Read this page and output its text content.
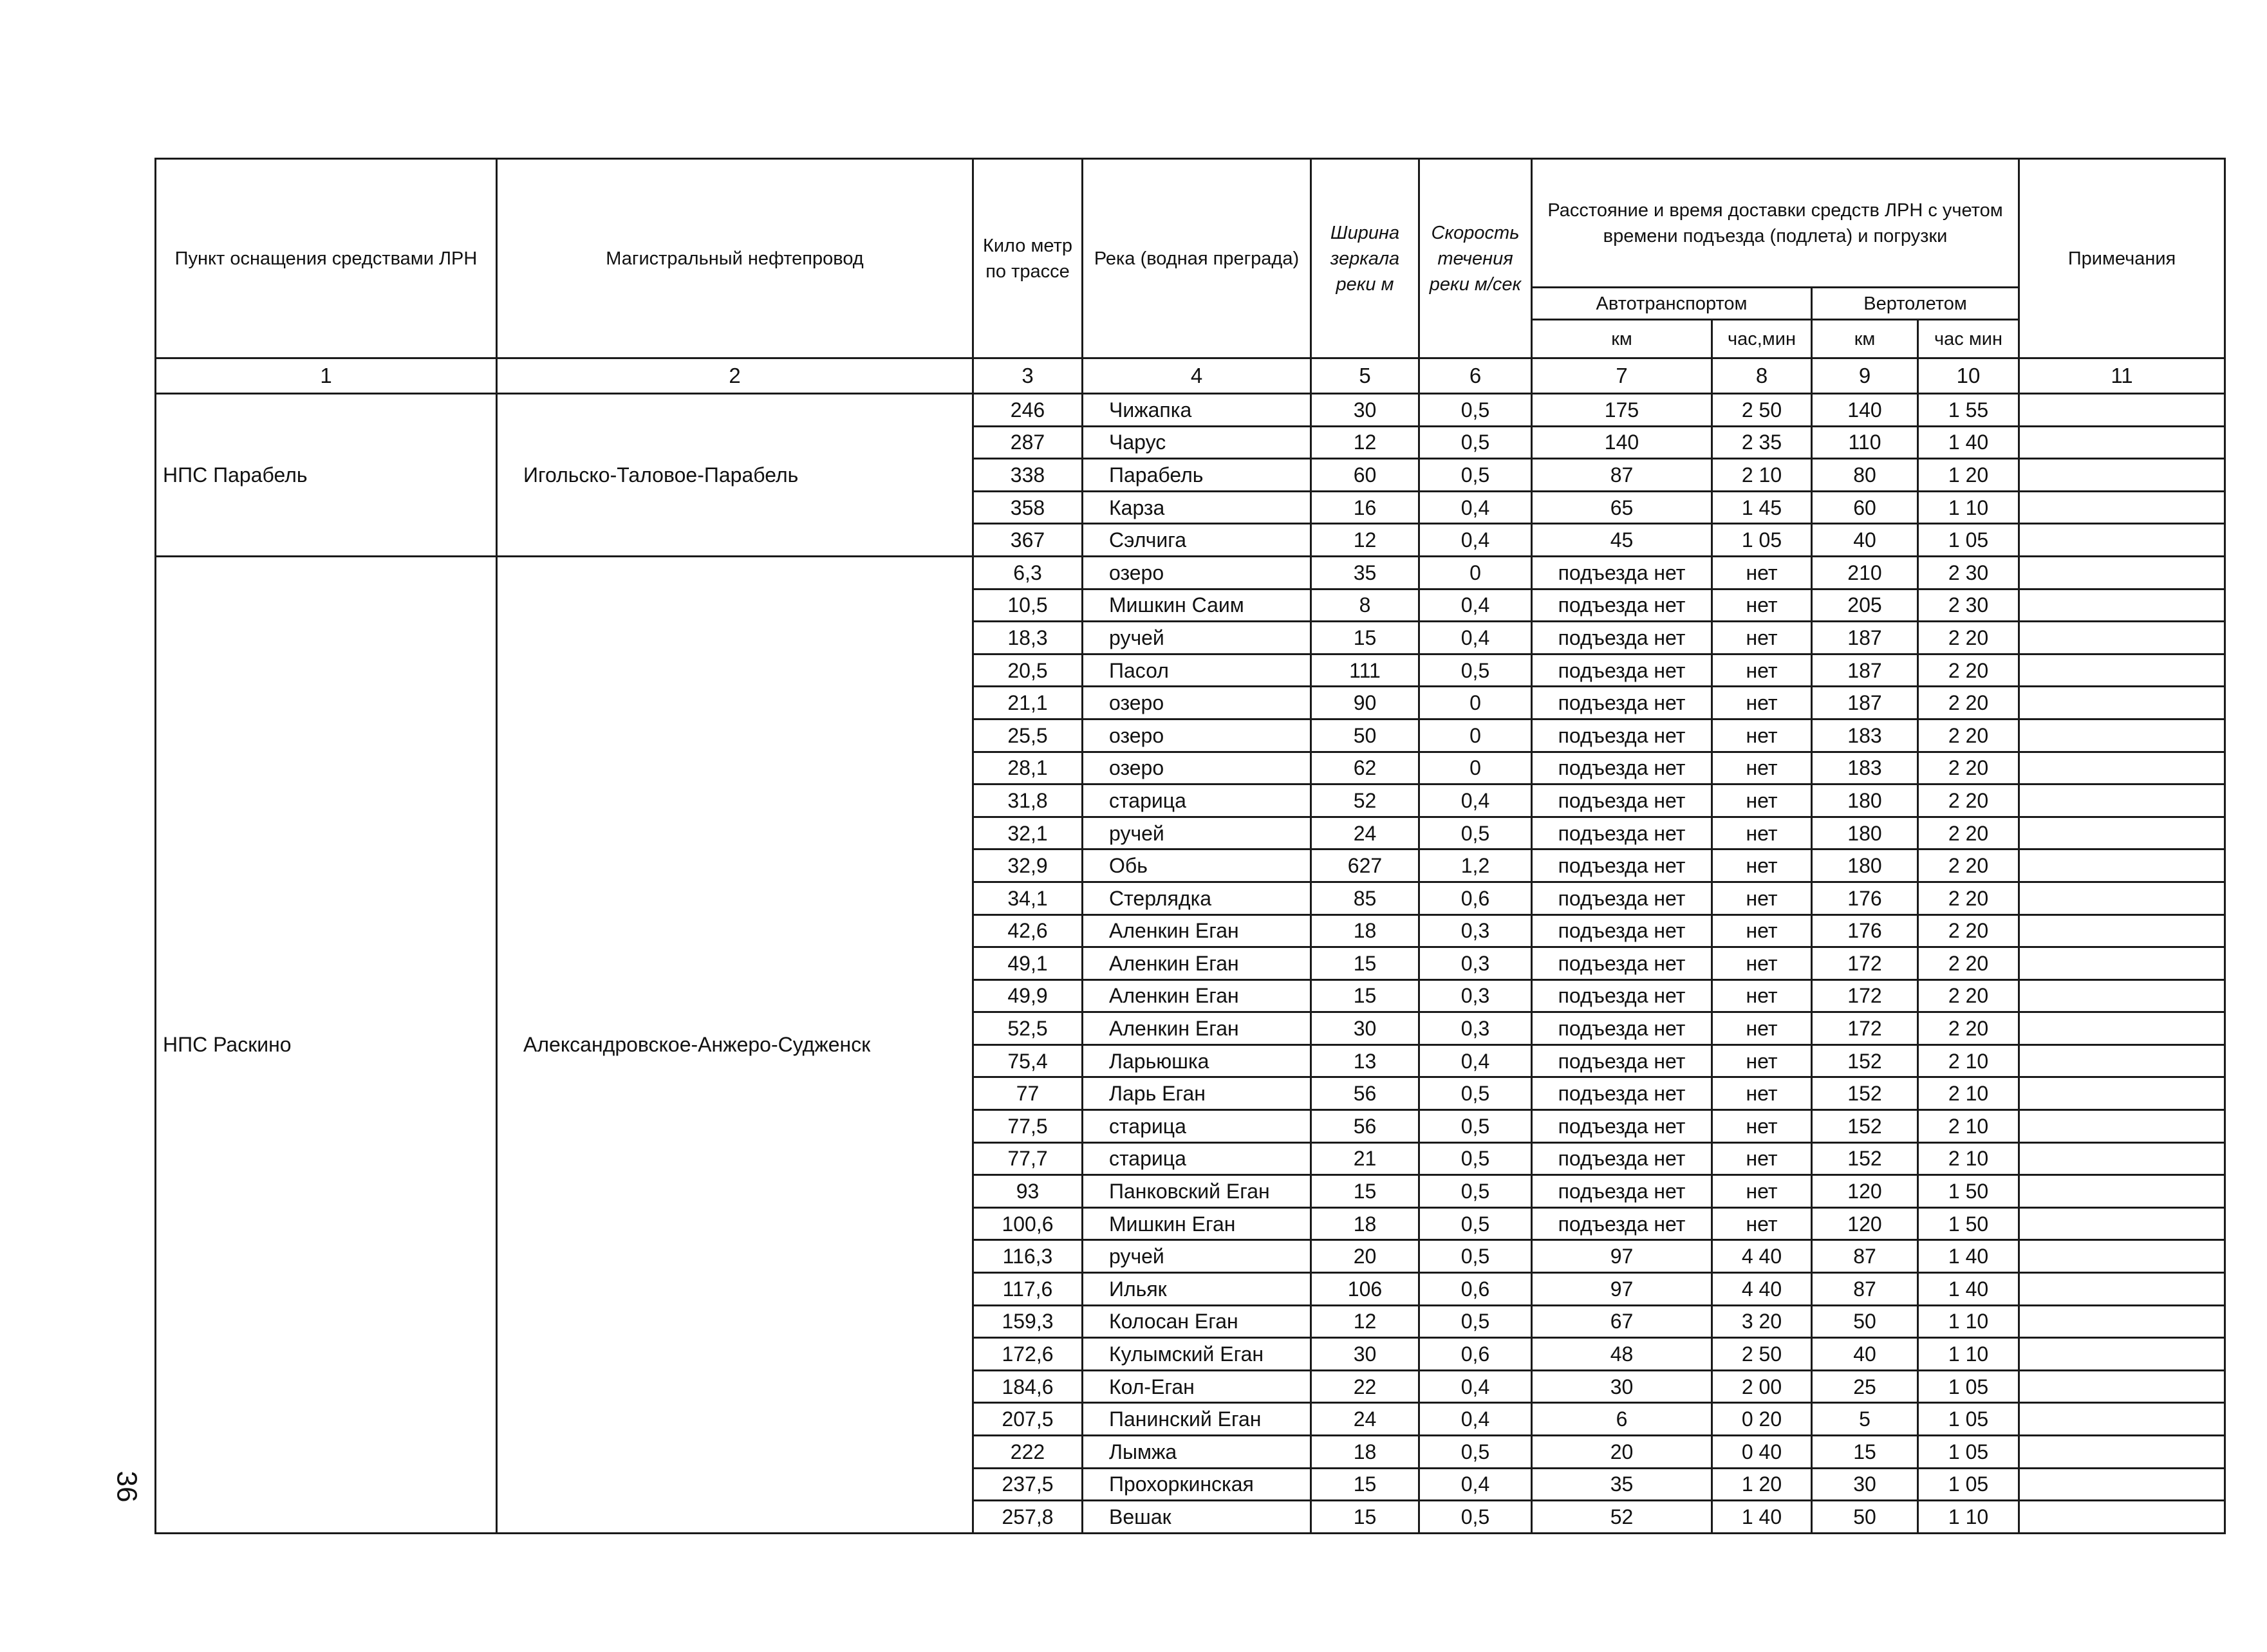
36
Пункт оснащения средствами ЛРН	Магистральный нефтепровод	Кило метр по трассе	Река (водная преграда)	Ширина зеркала реки м	Скорость течения реки м/сек	Расстояние и время доставки средств ЛРН с учетом времени подъезда (подлета) и погрузки				Примечания
						Автотранспортом		Вертолетом		
						км	час,мин	км	час мин	
1	2	3	4	5	6	7	8	9	10	11
НПС Парабель	Игольско-Таловое-Парабель	246	Чижапка	30	0,5	175	2 50	140	1 55	
		287	Чарус	12	0,5	140	2 35	110	1 40	
		338	Парабель	60	0,5	87	2 10	80	1 20	
		358	Карза	16	0,4	65	1 45	60	1 10	
		367	Сэлчига	12	0,4	45	1 05	40	1 05	
НПС Раскино	Александровское-Анжеро-Судженск	6,3	озеро	35	0	подъезда нет	нет	210	2 30	
		10,5	Мишкин Саим	8	0,4	подъезда нет	нет	205	2 30	
		18,3	ручей	15	0,4	подъезда нет	нет	187	2 20	
		20,5	Пасол	111	0,5	подъезда нет	нет	187	2 20	
		21,1	озеро	90	0	подъезда нет	нет	187	2 20	
		25,5	озеро	50	0	подъезда нет	нет	183	2 20	
		28,1	озеро	62	0	подъезда нет	нет	183	2 20	
		31,8	старица	52	0,4	подъезда нет	нет	180	2 20	
		32,1	ручей	24	0,5	подъезда нет	нет	180	2 20	
		32,9	Обь	627	1,2	подъезда нет	нет	180	2 20	
		34,1	Стерлядка	85	0,6	подъезда нет	нет	176	2 20	
		42,6	Аленкин Еган	18	0,3	подъезда нет	нет	176	2 20	
		49,1	Аленкин Еган	15	0,3	подъезда нет	нет	172	2 20	
		49,9	Аленкин Еган	15	0,3	подъезда нет	нет	172	2 20	
		52,5	Аленкин Еган	30	0,3	подъезда нет	нет	172	2 20	
		75,4	Ларьюшка	13	0,4	подъезда нет	нет	152	2 10	
		77	Ларь Еган	56	0,5	подъезда нет	нет	152	2 10	
		77,5	старица	56	0,5	подъезда нет	нет	152	2 10	
		77,7	старица	21	0,5	подъезда нет	нет	152	2 10	
		93	Панковский Еган	15	0,5	подъезда нет	нет	120	1 50	
		100,6	Мишкин Еган	18	0,5	подъезда нет	нет	120	1 50	
		116,3	ручей	20	0,5	97	4 40	87	1 40	
		117,6	Ильяк	106	0,6	97	4 40	87	1 40	
		159,3	Колосан Еган	12	0,5	67	3 20	50	1 10	
		172,6	Кулымский Еган	30	0,6	48	2 50	40	1 10	
		184,6	Кол-Еган	22	0,4	30	2 00	25	1 05	
		207,5	Панинский Еган	24	0,4	6	0 20	5	1 05	
		222	Лымжа	18	0,5	20	0 40	15	1 05	
		237,5	Прохоркинская	15	0,4	35	1 20	30	1 05	
		257,8	Вешак	15	0,5	52	1 40	50	1 10	
